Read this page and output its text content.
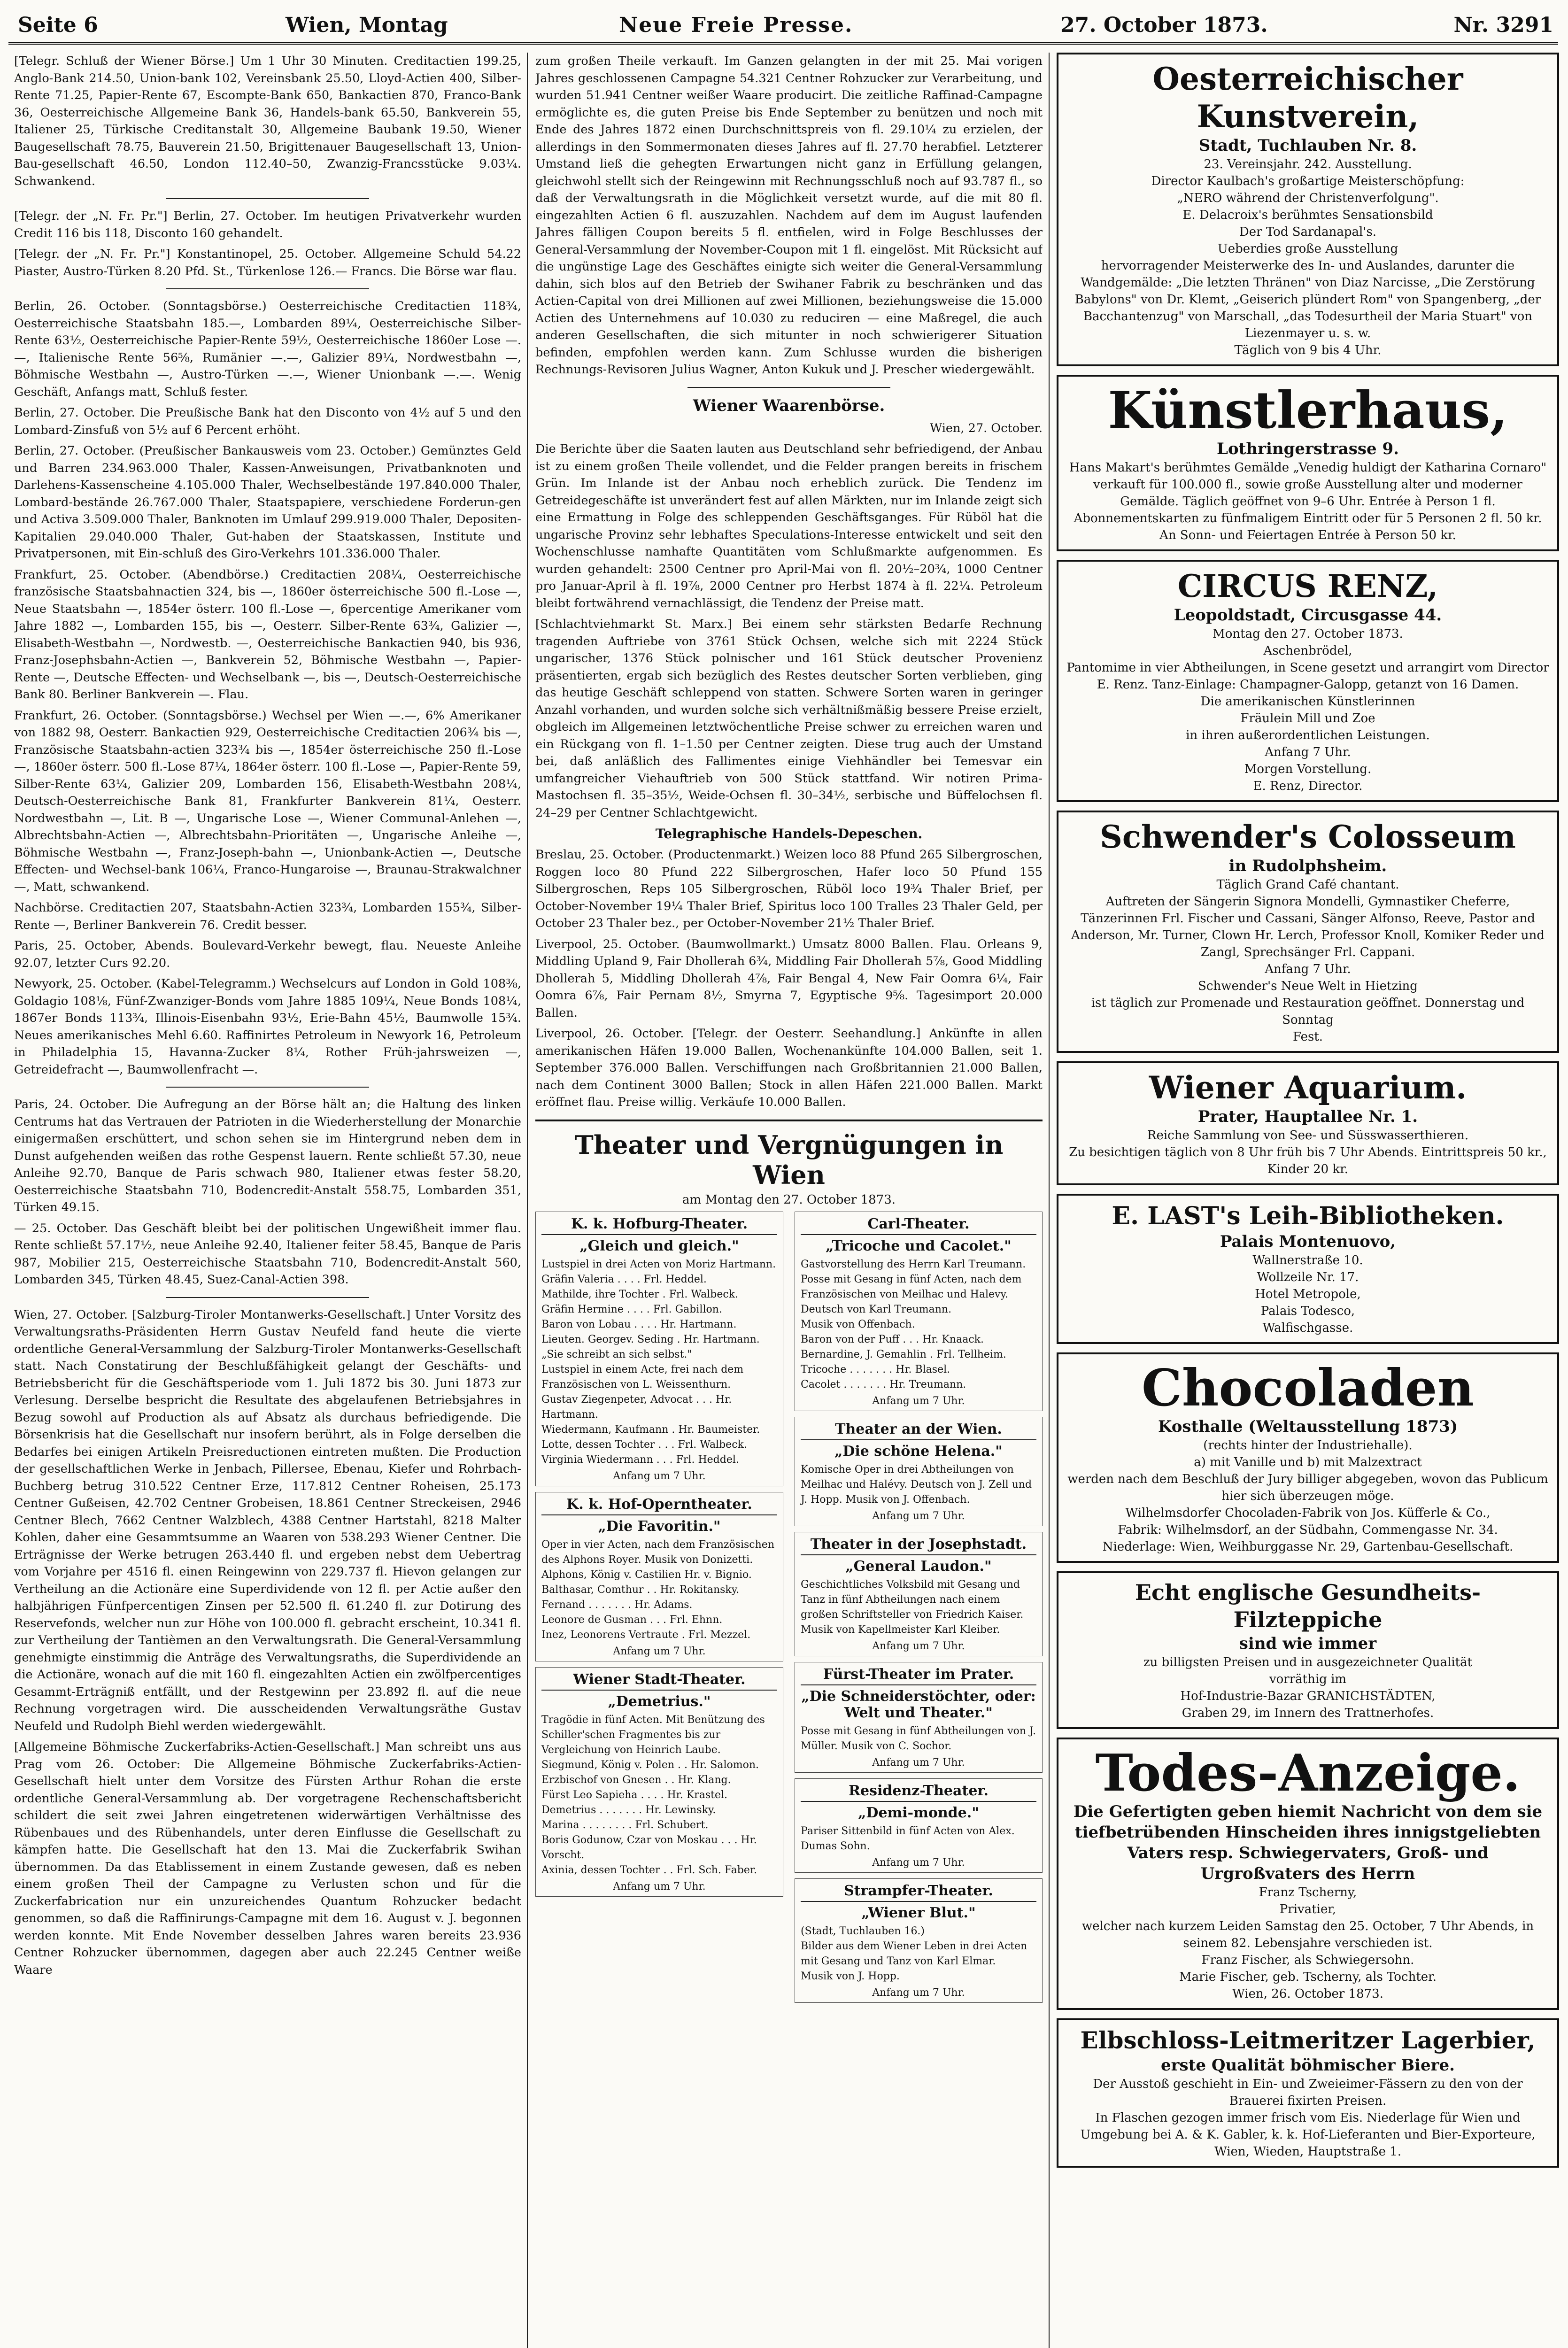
Seite 6	Wien, Montag	Neue Freie Presse.	27. October 1873.	Nr. 3291

[Telegr. Schluß der Wiener Börse.] Um 1 Uhr 30 Minuten. Creditactien 199.25, Anglo-Bank 214.50, Union-bank 102, Vereinsbank 25.50, Lloyd-Actien 400, Silber-Rente 71.25, Papier-Rente 67, Escompte-Bank 650, Bankactien 870, Franco-Bank 36, Oesterreichische Allgemeine Bank 36, Handels-bank 65.50, Bankverein 55, Italiener 25, Türkische Creditanstalt 30, Allgemeine Baubank 19.50, Wiener Baugesellschaft 78.75, Bauverein 21.50, Brigittenauer Baugesellschaft 13, Union-Bau-gesellschaft 46.50, London 112.40–50, Zwanzig-Francsstücke 9.03¼. Schwankend.

[Telegr. der „N. Fr. Pr."] Berlin, 27. October. Im heutigen Privatverkehr wurden Credit 116 bis 118, Disconto 160 gehandelt.

[Telegr. der „N. Fr. Pr."] Konstantinopel, 25. October. Allgemeine Schuld 54.22 Piaster, Austro-Türken 8.20 Pfd. St., Türkenlose 126.— Francs. Die Börse war flau.

Berlin, 26. October. (Sonntagsbörse.) Oesterreichische Creditactien 118¾, Oesterreichische Staatsbahn 185.—, Lombarden 89¼, Oesterreichische Silber-Rente 63½, Oesterreichische Papier-Rente 59½, Oesterreichische 1860er Lose —.—, Italienische Rente 56⅝, Rumänier —.—, Galizier 89¼, Nordwestbahn —, Böhmische Westbahn —, Austro-Türken —.—, Wiener Unionbank —.—. Wenig Geschäft, Anfangs matt, Schluß fester.

Berlin, 27. October. Die Preußische Bank hat den Disconto von 4½ auf 5 und den Lombard-Zinsfuß von 5½ auf 6 Percent erhöht.

Berlin, 27. October. (Preußischer Bankausweis vom 23. October.) Gemünztes Geld und Barren 234.963.000 Thaler, Kassen-Anweisungen, Privatbanknoten und Darlehens-Kassenscheine 4.105.000 Thaler, Wechselbestände 197.840.000 Thaler, Lombard-bestände 26.767.000 Thaler, Staatspapiere, verschiedene Forderun-gen und Activa 3.509.000 Thaler, Banknoten im Umlauf 299.919.000 Thaler, Depositen-Kapitalien 29.040.000 Thaler, Gut-haben der Staatskassen, Institute und Privatpersonen, mit Ein-schluß des Giro-Verkehrs 101.336.000 Thaler.

Frankfurt, 25. October. (Abendbörse.) Creditactien 208¼, Oesterreichische französische Staatsbahnactien 324, bis —, 1860er österreichische 500 fl.-Lose —, Neue Staatsbahn —, 1854er österr. 100 fl.-Lose —, 6percentige Amerikaner vom Jahre 1882 —, Lombarden 155, bis —, Oesterr. Silber-Rente 63¾, Galizier —, Elisabeth-Westbahn —, Nordwestb. —, Oesterreichische Bankactien 940, bis 936, Franz-Josephsbahn-Actien —, Bankverein 52, Böhmische Westbahn —, Papier-Rente —, Deutsche Effecten- und Wechselbank —, bis —, Deutsch-Oesterreichische Bank 80. Berliner Bankverein —. Flau.

Frankfurt, 26. October. (Sonntagsbörse.) Wechsel per Wien —.—, 6% Amerikaner von 1882 98, Oesterr. Bankactien 929, Oesterreichische Creditactien 206¾ bis —, Französische Staatsbahn-actien 323¾ bis —, 1854er österreichische 250 fl.-Lose —, 1860er österr. 500 fl.-Lose 87¼, 1864er österr. 100 fl.-Lose —, Papier-Rente 59, Silber-Rente 63¼, Galizier 209, Lombarden 156, Elisabeth-Westbahn 208¼, Deutsch-Oesterreichische Bank 81, Frankfurter Bankverein 81¼, Oesterr. Nordwestbahn —, Lit. B —, Ungarische Lose —, Wiener Communal-Anlehen —, Albrechtsbahn-Actien —, Albrechtsbahn-Prioritäten —, Ungarische Anleihe —, Böhmische Westbahn —, Franz-Joseph-bahn —, Unionbank-Actien —, Deutsche Effecten- und Wechsel-bank 106¼, Franco-Hungaroise —, Braunau-Strakwalchner —, Matt, schwankend.

Nachbörse. Creditactien 207, Staatsbahn-Actien 323¾, Lombarden 155¾, Silber-Rente —, Berliner Bankverein 76. Credit besser.

Paris, 25. October, Abends. Boulevard-Verkehr bewegt, flau. Neueste Anleihe 92.07, letzter Curs 92.20.

Newyork, 25. October. (Kabel-Telegramm.) Wechselcurs auf London in Gold 108⅜, Goldagio 108⅛, Fünf-Zwanziger-Bonds vom Jahre 1885 109¼, Neue Bonds 108¼, 1867er Bonds 113¾, Illinois-Eisenbahn 93½, Erie-Bahn 45½, Baumwolle 15¾. Neues amerikanisches Mehl 6.60. Raffinirtes Petroleum in Newyork 16, Petroleum in Philadelphia 15, Havanna-Zucker 8¼, Rother Früh-jahrsweizen —, Getreidefracht —, Baumwollenfracht —.

Paris, 24. October. Die Aufregung an der Börse hält an; die Haltung des linken Centrums hat das Vertrauen der Patrioten in die Wiederherstellung der Monarchie einigermaßen erschüttert, und schon sehen sie im Hintergrund neben dem in Dunst aufgehenden weißen das rothe Gespenst lauern. Rente schließt 57.30, neue Anleihe 92.70, Banque de Paris schwach 980, Italiener etwas fester 58.20, Oesterreichische Staatsbahn 710, Bodencredit-Anstalt 558.75, Lombarden 351, Türken 49.15.

— 25. October. Das Geschäft bleibt bei der politischen Ungewißheit immer flau. Rente schließt 57.17½, neue Anleihe 92.40, Italiener feiter 58.45, Banque de Paris 987, Mobilier 215, Oesterreichische Staatsbahn 710, Bodencredit-Anstalt 560, Lombarden 345, Türken 48.45, Suez-Canal-Actien 398.

Wien, 27. October. [Salzburg-Tiroler Montanwerks-Gesellschaft.] Unter Vorsitz des Verwaltungsraths-Präsidenten Herrn Gustav Neufeld fand heute die vierte ordentliche General-Versammlung der Salzburg-Tiroler Montanwerks-Gesellschaft statt. Nach Constatirung der Beschlußfähigkeit gelangt der Geschäfts- und Betriebsbericht für die Geschäftsperiode vom 1. Juli 1872 bis 30. Juni 1873 zur Verlesung. Derselbe bespricht die Resultate des abgelaufenen Betriebsjahres in Bezug sowohl auf Production als auf Absatz als durchaus befriedigende. Die Börsenkrisis hat die Gesellschaft nur insofern berührt, als in Folge derselben die Bedarfes bei einigen Artikeln Preisreductionen eintreten mußten. Die Production der gesellschaftlichen Werke in Jenbach, Pillersee, Ebenau, Kiefer und Rohrbach-Buchberg betrug 310.522 Centner Erze, 117.812 Centner Roheisen, 25.173 Centner Gußeisen, 42.702 Centner Grobeisen, 18.861 Centner Streckeisen, 2946 Centner Blech, 7662 Centner Walzblech, 4388 Centner Hartstahl, 8218 Malter Kohlen, daher eine Gesammtsumme an Waaren von 538.293 Wiener Centner. Die Erträgnisse der Werke betrugen 263.440 fl. und ergeben nebst dem Uebertrag vom Vorjahre per 4516 fl. einen Reingewinn von 229.737 fl. Hievon gelangen zur Vertheilung an die Actionäre eine Superdividende von 12 fl. per Actie außer den halbjährigen Fünfpercentigen Zinsen per 52.500 fl. 61.240 fl. zur Dotirung des Reservefonds, welcher nun zur Höhe von 100.000 fl. gebracht erscheint, 10.341 fl. zur Vertheilung der Tantièmen an den Verwaltungsrath. Die General-Versammlung genehmigte einstimmig die Anträge des Verwaltungsraths, die Superdividende an die Actionäre, wonach auf die mit 160 fl. eingezahlten Actien ein zwölfpercentiges Gesammt-Erträgniß entfällt, und der Restgewinn per 23.892 fl. auf die neue Rechnung vorgetragen wird. Die ausscheidenden Verwaltungsräthe Gustav Neufeld und Rudolph Biehl werden wiedergewählt.

[Allgemeine Böhmische Zuckerfabriks-Actien-Gesellschaft.] Man schreibt uns aus Prag vom 26. October: Die Allgemeine Böhmische Zuckerfabriks-Actien-Gesellschaft hielt unter dem Vorsitze des Fürsten Arthur Rohan die erste ordentliche General-Versammlung ab. Der vorgetragene Rechenschaftsbericht schildert die seit zwei Jahren eingetretenen widerwärtigen Verhältnisse des Rübenbaues und des Rübenhandels, unter deren Einflusse die Gesellschaft zu kämpfen hatte. Die Gesellschaft hat den 13. Mai die Zuckerfabrik Swihan übernommen. Da das Etablissement in einem Zustande gewesen, daß es neben einem großen Theil der Campagne zu Verlusten schon und für die Zuckerfabrication nur ein unzureichendes Quantum Rohzucker bedacht genommen, so daß die Raffinirungs-Campagne mit dem 16. August v. J. begonnen werden konnte. Mit Ende November desselben Jahres waren bereits 23.936 Centner Rohzucker übernommen, dagegen aber auch 22.245 Centner weiße Waare

zum großen Theile verkauft. Im Ganzen gelangten in der mit 25. Mai vorigen Jahres geschlossenen Campagne 54.321 Centner Rohzucker zur Verarbeitung, und wurden 51.941 Centner weißer Waare producirt. Die zeitliche Raffinad-Campagne ermöglichte es, die guten Preise bis Ende September zu benützen und noch mit Ende des Jahres 1872 einen Durchschnittspreis von fl. 29.10¼ zu erzielen, der allerdings in den Sommermonaten dieses Jahres auf fl. 27.70 herabfiel. Letzterer Umstand ließ die gehegten Erwartungen nicht ganz in Erfüllung gelangen, gleichwohl stellt sich der Reingewinn mit Rechnungsschluß noch auf 93.787 fl., so daß der Verwaltungsrath in die Möglichkeit versetzt wurde, auf die mit 80 fl. eingezahlten Actien 6 fl. auszuzahlen. Nachdem auf dem im August laufenden Jahres fälligen Coupon bereits 5 fl. entfielen, wird in Folge Beschlusses der General-Versammlung der November-Coupon mit 1 fl. eingelöst. Mit Rücksicht auf die ungünstige Lage des Geschäftes einigte sich weiter die General-Versammlung dahin, sich blos auf den Betrieb der Swihaner Fabrik zu beschränken und das Actien-Capital von drei Millionen auf zwei Millionen, beziehungsweise die 15.000 Actien des Unternehmens auf 10.030 zu reduciren — eine Maßregel, die auch anderen Gesellschaften, die sich mitunter in noch schwierigerer Situation befinden, empfohlen werden kann. Zum Schlusse wurden die bisherigen Rechnungs-Revisoren Julius Wagner, Anton Kukuk und J. Prescher wiedergewählt.

Wiener Waarenbörse.

Wien, 27. October.

Die Berichte über die Saaten lauten aus Deutschland sehr befriedigend, der Anbau ist zu einem großen Theile vollendet, und die Felder prangen bereits in frischem Grün. Im Inlande ist der Anbau noch erheblich zurück. Die Tendenz im Getreidegeschäfte ist unverändert fest auf allen Märkten, nur im Inlande zeigt sich eine Ermattung in Folge des schleppenden Geschäftsganges. Für Rüböl hat die ungarische Provinz sehr lebhaftes Speculations-Interesse entwickelt und seit den Wochenschlusse namhafte Quantitäten vom Schlußmarkte aufgenommen. Es wurden gehandelt: 2500 Centner pro April-Mai von fl. 20½–20¾, 1000 Centner pro Januar-April à fl. 19⅞, 2000 Centner pro Herbst 1874 à fl. 22¼. Petroleum bleibt fortwährend vernachlässigt, die Tendenz der Preise matt.

[Schlachtviehmarkt St. Marx.] Bei einem sehr stärksten Bedarfe Rechnung tragenden Auftriebe von 3761 Stück Ochsen, welche sich mit 2224 Stück ungarischer, 1376 Stück polnischer und 161 Stück deutscher Provenienz präsentierten, ergab sich bezüglich des Restes deutscher Sorten verblieben, ging das heutige Geschäft schleppend von statten. Schwere Sorten waren in geringer Anzahl vorhanden, und wurden solche sich verhältnißmäßig bessere Preise erzielt, obgleich im Allgemeinen letztwöchentliche Preise schwer zu erreichen waren und ein Rückgang von fl. 1–1.50 per Centner zeigten. Diese trug auch der Umstand bei, daß anläßlich des Fallimentes einige Viehhändler bei Temesvar ein umfangreicher Viehauftrieb von 500 Stück stattfand. Wir notiren Prima-Mastochsen fl. 35–35½, Weide-Ochsen fl. 30–34½, serbische und Büffelochsen fl. 24–29 per Centner Schlachtgewicht.

Telegraphische Handels-Depeschen.

Breslau, 25. October. (Productenmarkt.) Weizen loco 88 Pfund 265 Silbergroschen, Roggen loco 80 Pfund 222 Silbergroschen, Hafer loco 50 Pfund 155 Silbergroschen, Reps 105 Silbergroschen, Rüböl loco 19¾ Thaler Brief, per October-November 19¼ Thaler Brief, Spiritus loco 100 Tralles 23 Thaler Geld, per October 23 Thaler bez., per October-November 21½ Thaler Brief.

Liverpool, 25. October. (Baumwollmarkt.) Umsatz 8000 Ballen. Flau. Orleans 9, Middling Upland 9, Fair Dhollerah 6¾, Middling Fair Dhollerah 5⅞, Good Middling Dhollerah 5, Middling Dhollerah 4⅞, Fair Bengal 4, New Fair Oomra 6¼, Fair Oomra 6⅞, Fair Pernam 8½, Smyrna 7, Egyptische 9⅝. Tagesimport 20.000 Ballen.

Liverpool, 26. October. [Telegr. der Oesterr. Seehandlung.] Ankünfte in allen amerikanischen Häfen 19.000 Ballen, Wochenankünfte 104.000 Ballen, seit 1. September 376.000 Ballen. Verschiffungen nach Großbritannien 21.000 Ballen, nach dem Continent 3000 Ballen; Stock in allen Häfen 221.000 Ballen. Markt eröffnet flau. Preise willig. Verkäufe 10.000 Ballen.

Theater und Vergnügungen in Wien
am Montag den 27. October 1873.
K. k. Hofburg-Theater.
„Gleich und gleich."
Lustspiel in drei Acten von Moriz Hartmann.
Gräfin Valeria . . . . Frl. Heddel.
Mathilde, ihre Tochter . Frl. Walbeck.
Gräfin Hermine . . . . Frl. Gabillon.
Baron von Lobau . . . . Hr. Hartmann.
Lieuten. Georgev. Seding . Hr. Hartmann.
„Sie schreibt an sich selbst."
Lustspiel in einem Acte, frei nach dem Französischen von L. Weissenthurn.
Gustav Ziegenpeter, Advocat . . . Hr. Hartmann.
Wiedermann, Kaufmann . Hr. Baumeister.
Lotte, dessen Tochter . . . Frl. Walbeck.
Virginia Wiedermann . . . Frl. Heddel.
Anfang um 7 Uhr.
K. k. Hof-Operntheater.
„Die Favoritin."
Oper in vier Acten, nach dem Französischen des Alphons Royer. Musik von Donizetti.
Alphons, König v. Castilien Hr. v. Bignio.
Balthasar, Comthur . . Hr. Rokitansky.
Fernand . . . . . . . Hr. Adams.
Leonore de Gusman . . . Frl. Ehnn.
Inez, Leonorens Vertraute . Frl. Mezzel.
Anfang um 7 Uhr.
Wiener Stadt-Theater.
„Demetrius."
Tragödie in fünf Acten. Mit Benützung des Schiller'schen Fragmentes bis zur Vergleichung von Heinrich Laube.
Siegmund, König v. Polen . . Hr. Salomon.
Erzbischof von Gnesen . . Hr. Klang.
Fürst Leo Sapieha . . . . Hr. Krastel.
Demetrius . . . . . . . Hr. Lewinsky.
Marina . . . . . . . . Frl. Schubert.
Boris Godunow, Czar von Moskau . . . Hr. Vorscht.
Axinia, dessen Tochter . . Frl. Sch. Faber.
Anfang um 7 Uhr.
Carl-Theater.
„Tricoche und Cacolet."
Gastvorstellung des Herrn Karl Treumann.
Posse mit Gesang in fünf Acten, nach dem Französischen von Meilhac und Halevy. Deutsch von Karl Treumann.
Musik von Offenbach.
Baron von der Puff . . . Hr. Knaack.
Bernardine, J. Gemahlin . Frl. Tellheim.
Tricoche . . . . . . . Hr. Blasel.
Cacolet . . . . . . . Hr. Treumann.
Anfang um 7 Uhr.
Theater an der Wien.
„Die schöne Helena."
Komische Oper in drei Abtheilungen von Meilhac und Halévy. Deutsch von J. Zell und J. Hopp. Musik von J. Offenbach.
Anfang um 7 Uhr.
Theater in der Josephstadt.
„General Laudon."
Geschichtliches Volksbild mit Gesang und Tanz in fünf Abtheilungen nach einem großen Schriftsteller von Friedrich Kaiser. Musik von Kapellmeister Karl Kleiber.
Anfang um 7 Uhr.
Fürst-Theater im Prater.
„Die Schneiderstöchter, oder: Welt und Theater."
Posse mit Gesang in fünf Abtheilungen von J. Müller. Musik von C. Sochor.
Anfang um 7 Uhr.
Residenz-Theater.
„Demi-monde."
Pariser Sittenbild in fünf Acten von Alex. Dumas Sohn.
Anfang um 7 Uhr.
Strampfer-Theater.
„Wiener Blut."
(Stadt, Tuchlauben 16.)
Bilder aus dem Wiener Leben in drei Acten mit Gesang und Tanz von Karl Elmar.
Musik von J. Hopp.
Anfang um 7 Uhr.
Oesterreichischer Kunstverein,
Stadt, Tuchlauben Nr. 8.
23. Vereinsjahr. 242. Ausstellung.
Director Kaulbach's großartige Meisterschöpfung:
„NERO während der Christenverfolgung".
E. Delacroix's berühmtes Sensationsbild
Der Tod Sardanapal's.
Ueberdies große Ausstellung
hervorragender Meisterwerke des In- und Auslandes, darunter die Wandgemälde: „Die letzten Thränen" von Diaz Narcisse, „Die Zerstörung Babylons" von Dr. Klemt, „Geiserich plündert Rom" von Spangenberg, „der Bacchantenzug" von Marschall, „das Todesurtheil der Maria Stuart" von Liezenmayer u. s. w.
Täglich von 9 bis 4 Uhr.
Künstlerhaus,
Lothringerstrasse 9.
Hans Makart's berühmtes Gemälde „Venedig huldigt der Katharina Cornaro" verkauft für 100.000 fl., sowie große Ausstellung alter und moderner Gemälde. Täglich geöffnet von 9–6 Uhr. Entrée à Person 1 fl. Abonnementskarten zu fünfmaligem Eintritt oder für 5 Personen 2 fl. 50 kr. An Sonn- und Feiertagen Entrée à Person 50 kr.
CIRCUS RENZ,
Leopoldstadt, Circusgasse 44.
Montag den 27. October 1873.
Aschenbrödel,
Pantomime in vier Abtheilungen, in Scene gesetzt und arrangirt vom Director E. Renz. Tanz-Einlage: Champagner-Galopp, getanzt von 16 Damen.
Die amerikanischen Künstlerinnen
Fräulein Mill und Zoe
in ihren außerordentlichen Leistungen.
Anfang 7 Uhr.
Morgen Vorstellung.
E. Renz, Director.
Schwender's Colosseum
in Rudolphsheim.
Täglich Grand Café chantant.
Auftreten der Sängerin Signora Mondelli, Gymnastiker Cheferre, Tänzerinnen Frl. Fischer und Cassani, Sänger Alfonso, Reeve, Pastor and Anderson, Mr. Turner, Clown Hr. Lerch, Professor Knoll, Komiker Reder und Zangl, Sprechsänger Frl. Cappani.
Anfang 7 Uhr.
Schwender's Neue Welt in Hietzing
ist täglich zur Promenade und Restauration geöffnet. Donnerstag und Sonntag
Fest.
Wiener Aquarium.
Prater, Hauptallee Nr. 1.
Reiche Sammlung von See- und Süsswasserthieren.
Zu besichtigen täglich von 8 Uhr früh bis 7 Uhr Abends. Eintrittspreis 50 kr., Kinder 20 kr.
E. LAST's Leih-Bibliotheken.
Palais Montenuovo,
Wallnerstraße 10.
Wollzeile Nr. 17.
Hotel Metropole,
Palais Todesco,
Walfischgasse.
Chocoladen
Kosthalle (Weltausstellung 1873)
(rechts hinter der Industriehalle).
a) mit Vanille und b) mit Malzextract
werden nach dem Beschluß der Jury billiger abgegeben, wovon das Publicum hier sich überzeugen möge.
Wilhelmsdorfer Chocoladen-Fabrik von Jos. Küfferle & Co.,
Fabrik: Wilhelmsdorf, an der Südbahn, Commengasse Nr. 34.
Niederlage: Wien, Weihburggasse Nr. 29, Gartenbau-Gesellschaft.
Echt englische Gesundheits-Filzteppiche
sind wie immer
zu billigsten Preisen und in ausgezeichneter Qualität
vorräthig im
Hof-Industrie-Bazar GRANICHSTÄDTEN,
Graben 29, im Innern des Trattnerhofes.
Todes-Anzeige.
Die Gefertigten geben hiemit Nachricht von dem sie tiefbetrübenden Hinscheiden ihres innigstgeliebten Vaters resp. Schwiegervaters, Groß- und Urgroßvaters des Herrn
Franz Tscherny,
Privatier,
welcher nach kurzem Leiden Samstag den 25. October, 7 Uhr Abends, in seinem 82. Lebensjahre verschieden ist.
Franz Fischer, als Schwiegersohn.
Marie Fischer, geb. Tscherny, als Tochter.
Wien, 26. October 1873.
Elbschloss-Leitmeritzer Lagerbier,
erste Qualität böhmischer Biere.
Der Ausstoß geschieht in Ein- und Zweieimer-Fässern zu den von der Brauerei fixirten Preisen.
In Flaschen gezogen immer frisch vom Eis. Niederlage für Wien und Umgebung bei A. & K. Gabler, k. k. Hof-Lieferanten und Bier-Exporteure, Wien, Wieden, Hauptstraße 1.
